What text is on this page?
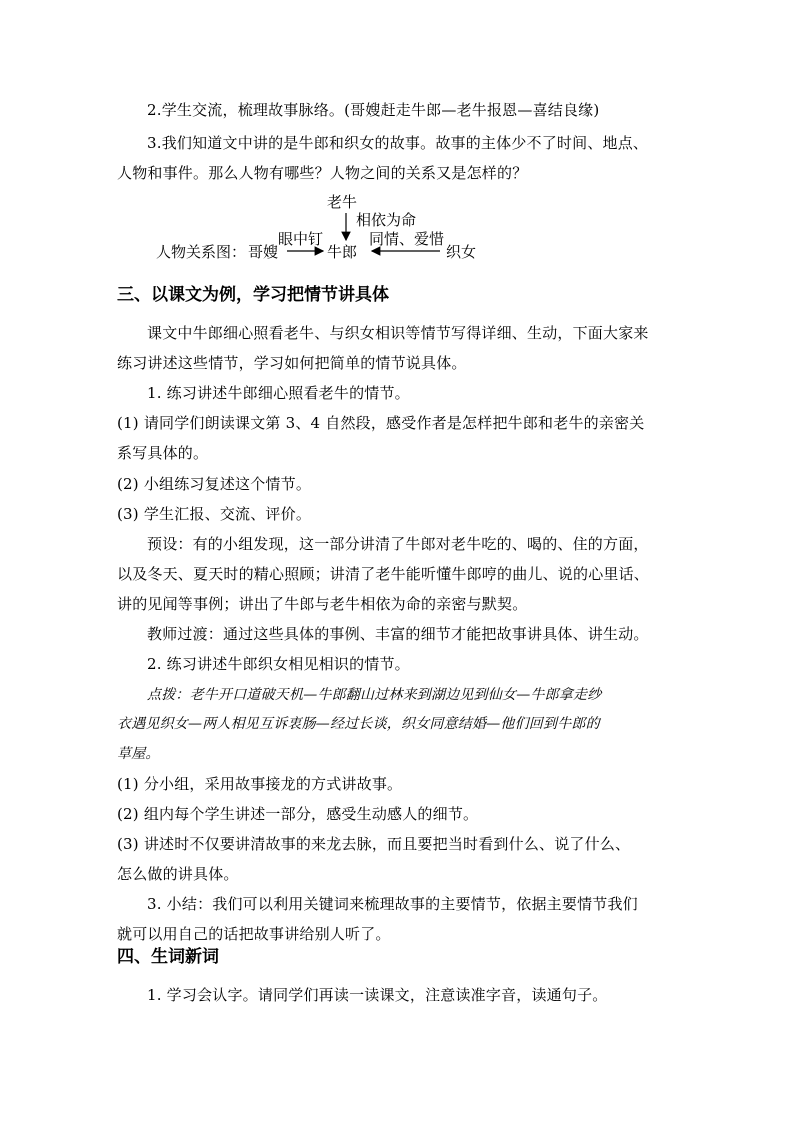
2.学生交流，梳理故事脉络。(哥嫂赶走牛郎—老牛报恩—喜结良缘)
3.我们知道文中讲的是牛郎和织女的故事。故事的主体少不了时间、地点、
人物和事件。那么人物有哪些？人物之间的关系又是怎样的？
老牛
相依为命
眼中钉	同情、爱惜
人物关系图： 哥嫂	牛郎	织女
三、以课文为例，学习把情节讲具体
课文中牛郎细心照看老牛、与织女相识等情节写得详细、生动，下面大家来
练习讲述这些情节，学习如何把简单的情节说具体。
1. 练习讲述牛郎细心照看老牛的情节。
(1) 请同学们朗读课文第 3、4 自然段，感受作者是怎样把牛郎和老牛的亲密关
系写具体的。
(2) 小组练习复述这个情节。
(3) 学生汇报、交流、评价。
预设：有的小组发现，这一部分讲清了牛郎对老牛吃的、喝的、住的方面，
以及冬天、夏天时的精心照顾；讲清了老牛能听懂牛郎哼的曲儿、说的心里话、
讲的见闻等事例；讲出了牛郎与老牛相依为命的亲密与默契。
教师过渡：通过这些具体的事例、丰富的细节才能把故事讲具体、讲生动。
2. 练习讲述牛郎织女相见相识的情节。
点拨：老牛开口道破天机—牛郎翻山过林来到湖边见到仙女—牛郎拿走纱
衣遇见织女—两人相见互诉衷肠—经过长谈，织女同意结婚—他们回到牛郎的
草屋。
(1) 分小组，采用故事接龙的方式讲故事。
(2) 组内每个学生讲述一部分，感受生动感人的细节。
(3) 讲述时不仅要讲清故事的来龙去脉，而且要把当时看到什么、说了什么、
怎么做的讲具体。
3. 小结：我们可以利用关键词来梳理故事的主要情节，依据主要情节我们
就可以用自己的话把故事讲给别人听了。
四、生词新词
1. 学习会认字。请同学们再读一读课文，注意读准字音，读通句子。
